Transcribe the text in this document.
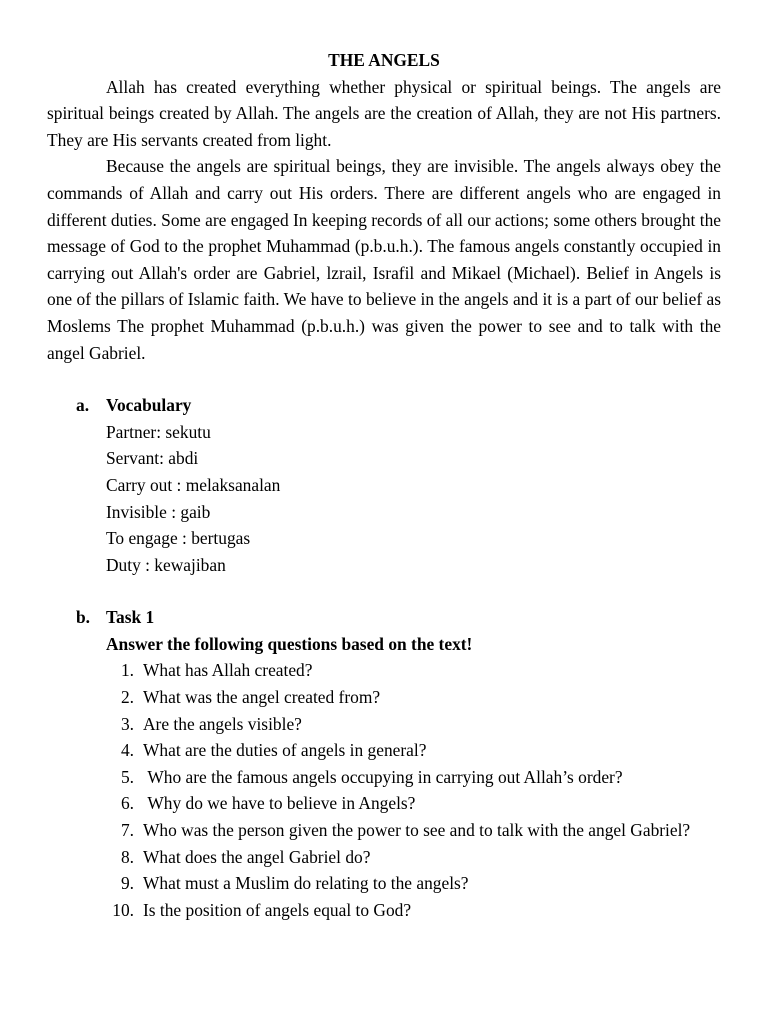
THE ANGELS

Allah has created everything whether physical or spiritual beings. The angels are spiritual beings created by Allah. The angels are the creation of Allah, they are not His partners. They are His servants created from light.

Because the angels are spiritual beings, they are invisible. The angels always obey the commands of Allah and carry out His orders. There are different angels who are engaged in different duties. Some are engaged In keeping records of all our actions; some others brought the message of God to the prophet Muhammad (p.b.u.h.). The famous angels constantly occupied in carrying out Allah's order are Gabriel, lzrail, Israfil and Mikael (Michael). Belief in Angels is one of the pillars of Islamic faith. We have to believe in the angels and it is a part of our belief as Moslems The prophet Muhammad (p.b.u.h.) was given the power to see and to talk with the angel Gabriel.

a. Vocabulary

Partner: sekutu

Servant: abdi

Carry out : melaksanalan

Invisible : gaib

To engage : bertugas

Duty : kewajiban

b. Task 1

Answer the following questions based on the text!

1. What has Allah created?
2. What was the angel created from?
3. Are the angels visible?
4. What are the duties of angels in general?
5. Who are the famous angels occupying in carrying out Allah’s order?
6. Why do we have to believe in Angels?
7. Who was the person given the power to see and to talk with the angel Gabriel?
8. What does the angel Gabriel do?
9. What must a Muslim do relating to the angels?
10. Is the position of angels equal to God?
